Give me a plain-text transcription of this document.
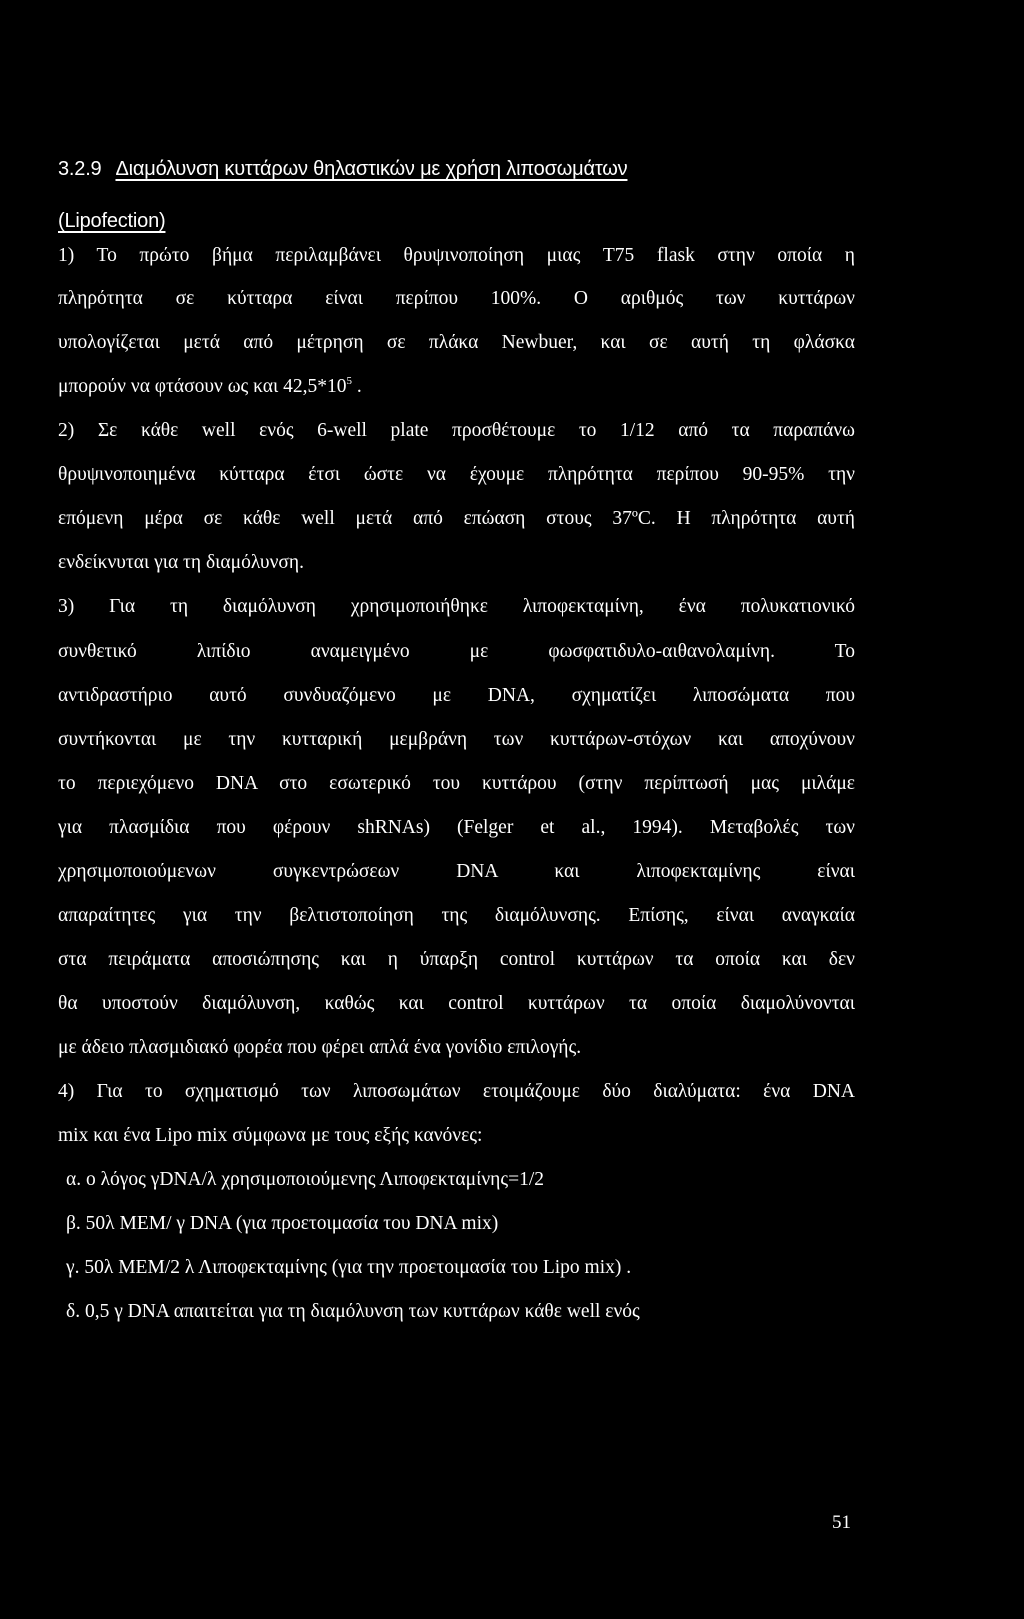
3.2.9 Διαμόλυνση κυττάρων θηλαστικών με χρήση λιποσωμάτων
(Lipofection)
1) Το πρώτο βήμα περιλαμβάνει θρυψινοποίηση μιας T75 flask στην οποία η
πληρότητα σε κύτταρα είναι περίπου 100%. Ο αριθμός των κυττάρων
υπολογίζεται μετά από μέτρηση σε πλάκα Newbuer, και σε αυτή τη φλάσκα
μπορούν να φτάσουν ως και $42,5*10^5$ .
2) Σε κάθε well ενός 6-well plate προσθέτουμε το 1/12 από τα παραπάνω
θρυψινοποιημένα κύτταρα έτσι ώστε να έχουμε πληρότητα περίπου 90-95% την
επόμενη μέρα σε κάθε well μετά από επώαση στους 37ºC. Η πληρότητα αυτή
ενδείκνυται για τη διαμόλυνση.
3) Για τη διαμόλυνση χρησιμοποιήθηκε λιποφεκταμίνη, ένα πολυκατιονικό
συνθετικό λιπίδιο αναμειγμένο με φωσφατιδυλο-αιθανολαμίνη. Το
αντιδραστήριο αυτό συνδυαζόμενο με DNA, σχηματίζει λιποσώματα που
συντήκονται με την κυτταρική μεμβράνη των κυττάρων-στόχων και αποχύνουν
το περιεχόμενο DNA στο εσωτερικό του κυττάρου (στην περίπτωσή μας μιλάμε
για πλασμίδια που φέρουν shRNAs) (Felger et al., 1994). Μεταβολές των
χρησιμοποιούμενων συγκεντρώσεων DNA και λιποφεκταμίνης είναι
απαραίτητες για την βελτιστοποίηση της διαμόλυνσης. Επίσης, είναι αναγκαία
στα πειράματα αποσιώπησης και η ύπαρξη control κυττάρων τα οποία και δεν
θα υποστούν διαμόλυνση, καθώς και control κυττάρων τα οποία διαμολύνονται
με άδειο πλασμιδιακό φορέα που φέρει απλά ένα γονίδιο επιλογής.
4) Για το σχηματισμό των λιποσωμάτων ετοιμάζουμε δύο διαλύματα: ένα DNA
mix και ένα Lipo mix σύμφωνα με τους εξής κανόνες:
α. ο λόγος γDNA/λ χρησιμοποιούμενης Λιποφεκταμίνης=1/2
β. 50λ MEM/ γ DNA (για προετοιμασία του DNA mix)
γ. 50λ MEM/2 λ Λιποφεκταμίνης (για την προετοιμασία του Lipo mix) .
δ. 0,5 γ DNA απαιτείται για τη διαμόλυνση των κυττάρων κάθε well ενός
51
